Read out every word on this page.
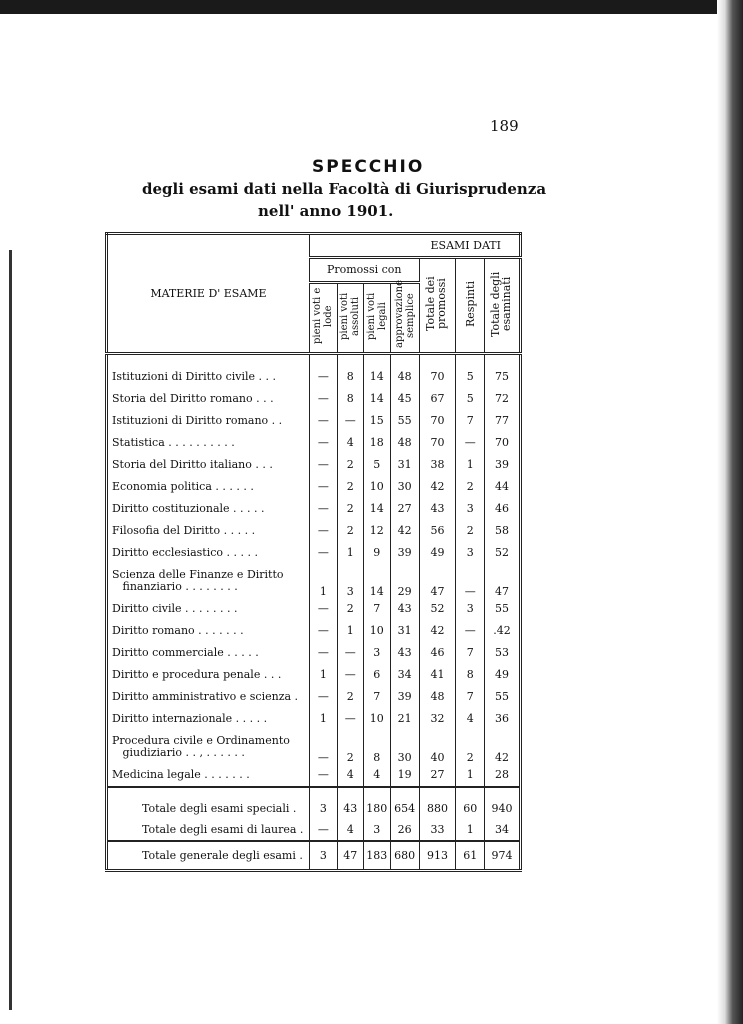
189
SPECCHIO
degli esami dati nella Facoltà di Giurisprudenza
nell' anno 1901.
MATERIE D' ESAME	ESAMI DATI						
	Promossi con				Totale dei promossi	Respinti	Totale degli esaminati
	pieni voti e lode	pieni voti assoluti	pieni voti legali	approvazione semplice			

Istituzioni di Diritto civile . . .	—	8	14	48	70	5	75
Storia del Diritto romano . . .	—	8	14	45	67	5	72
Istituzioni di Diritto romano . .	—	—	15	55	70	7	77
Statistica . . . . . . . . . .	—	4	18	48	70	—	70
Storia del Diritto italiano . . .	—	2	5	31	38	1	39
Economia politica . . . . . .	—	2	10	30	42	2	44
Diritto costituzionale . . . . .	—	2	14	27	43	3	46
Filosofia del Diritto . . . . .	—	2	12	42	56	2	58
Diritto ecclesiastico . . . . .	—	1	9	39	49	3	52
Scienza delle Finanze e Diritto
finanziario . . . . . . . .	1	3	14	29	47	—	47
Diritto civile . . . . . . . .	—	2	7	43	52	3	55
Diritto romano . . . . . . .	—	1	10	31	42	—	.42
Diritto commerciale . . . . .	—	—	3	43	46	7	53
Diritto e procedura penale . . .	1	—	6	34	41	8	49
Diritto amministrativo e scienza .	—	2	7	39	48	7	55
Diritto internazionale . . . . .	1	—	10	21	32	4	36
Procedura civile e Ordinamento
giudiziario . . , . . . . . .	—	2	8	30	40	2	42
Medicina legale . . . . . . .	—	4	4	19	27	1	28

Totale degli esami speciali .	3	43	180	654	880	60	940
Totale degli esami di laurea .	—	4	3	26	33	1	34
Totale generale degli esami .	3	47	183	680	913	61	974
